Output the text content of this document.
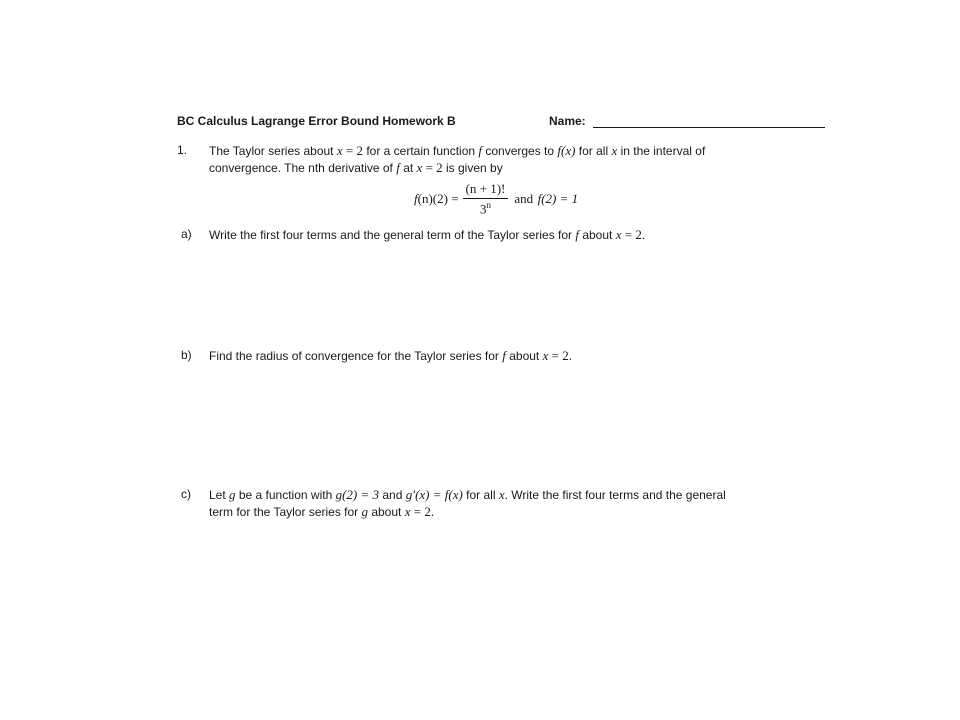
BC Calculus Lagrange Error Bound Homework B	Name:
1. The Taylor series about x = 2 for a certain function f converges to f(x) for all x in the interval of
convergence. The nth derivative of f at x = 2 is given by
f (n) $(2) = \frac{(n + 1)!}{3^n}$ and
f(2) = 1
a) Write the first four terms and the general term of the Taylor series for f about x = 2.
b) Find the radius of convergence for the Taylor series for f about x = 2.
c) Let g be a function with g(2) = 3 and g′(x) = f(x) for all x. Write the first four terms and the general
term for the Taylor series for g about x = 2.
